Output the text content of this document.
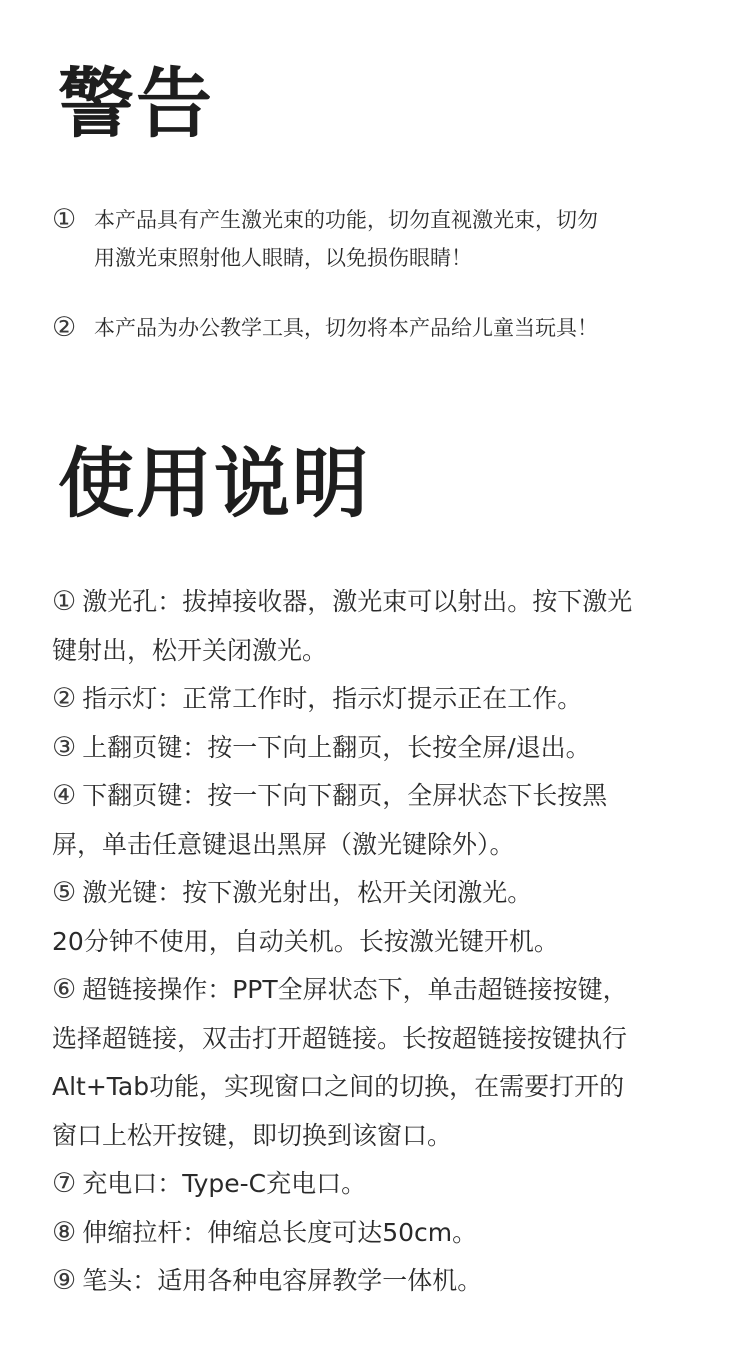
警告
① 本产品具有产生激光束的功能，切勿直视激光束，切勿
用激光束照射他人眼睛，以免损伤眼睛！
② 本产品为办公教学工具，切勿将本产品给儿童当玩具！
使用说明
① 激光孔：拔掉接收器，激光束可以射出。按下激光
键射出，松开关闭激光。
② 指示灯：正常工作时，指示灯提示正在工作。
③ 上翻页键：按一下向上翻页，长按全屏/退出。
④ 下翻页键：按一下向下翻页，全屏状态下长按黑
屏，单击任意键退出黑屏（激光键除外）。
⑤ 激光键：按下激光射出，松开关闭激光。
20分钟不使用，自动关机。长按激光键开机。
⑥ 超链接操作：PPT全屏状态下，单击超链接按键，
选择超链接，双击打开超链接。长按超链接按键执行
Alt+Tab功能，实现窗口之间的切换，在需要打开的
窗口上松开按键，即切换到该窗口。
⑦ 充电口：Type-C充电口。
⑧ 伸缩拉杆：伸缩总长度可达50cm。
⑨ 笔头：适用各种电容屏教学一体机。
